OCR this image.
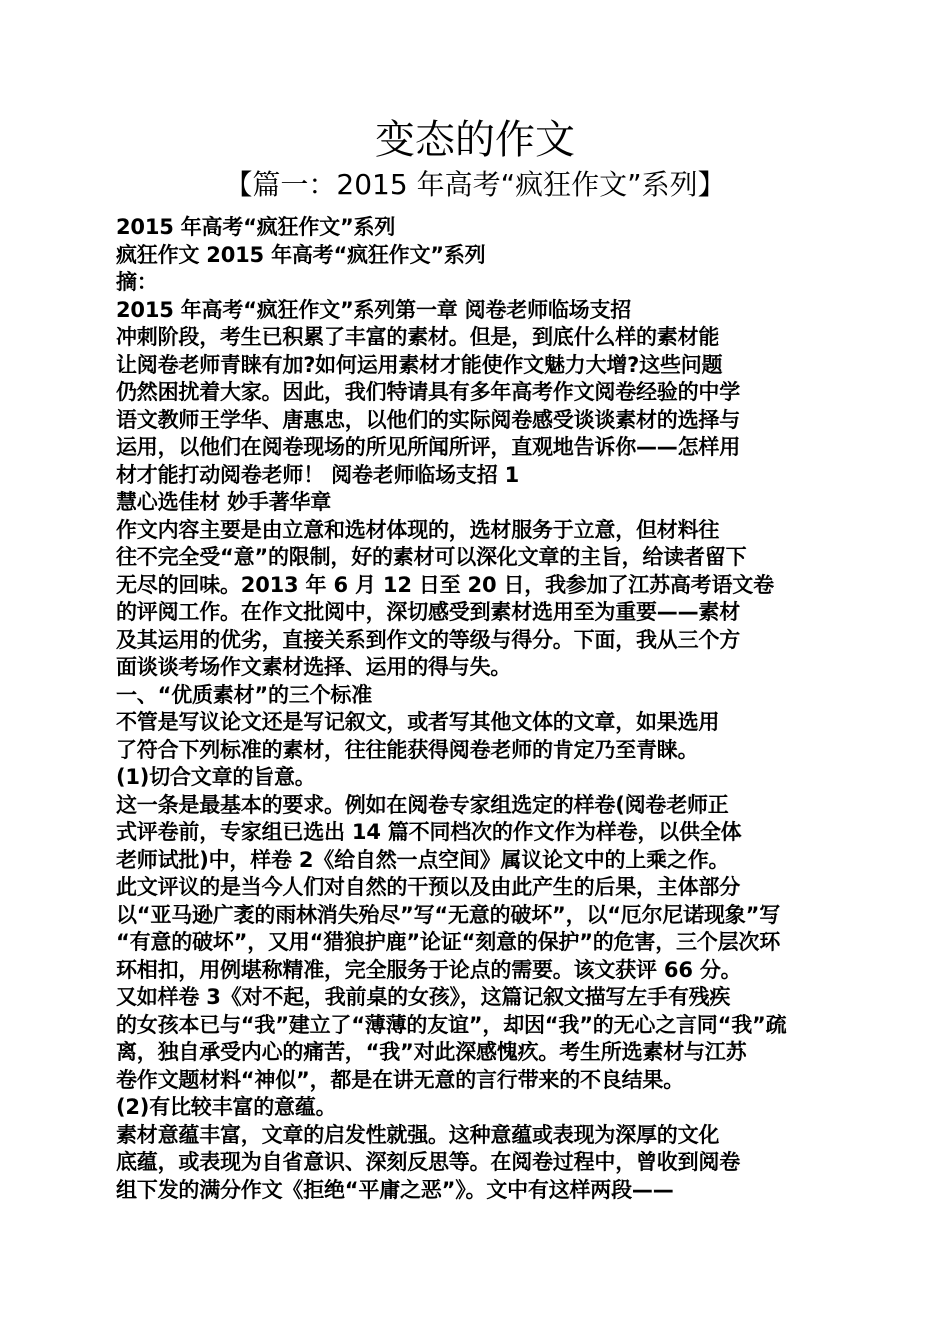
变态的作文
【篇一：2015 年高考“疯狂作文”系列】
2015 年高考“疯狂作文”系列
疯狂作文 2015 年高考“疯狂作文”系列
摘：
2015 年高考“疯狂作文”系列第一章 阅卷老师临场支招
冲刺阶段，考生已积累了丰富的素材。但是，到底什么样的素材能
让阅卷老师青睐有加?如何运用素材才能使作文魅力大增?这些问题
仍然困扰着大家。因此，我们特请具有多年高考作文阅卷经验的中学
语文教师王学华、唐惠忠，以他们的实际阅卷感受谈谈素材的选择与
运用，以他们在阅卷现场的所见所闻所评，直观地告诉你——怎样用
材才能打动阅卷老师！ 阅卷老师临场支招 1
慧心选佳材 妙手著华章
作文内容主要是由立意和选材体现的，选材服务于立意，但材料往
往不完全受“意”的限制，好的素材可以深化文章的主旨，给读者留下
无尽的回味。2013 年 6 月 12 日至 20 日，我参加了江苏高考语文卷
的评阅工作。在作文批阅中，深切感受到素材选用至为重要——素材
及其运用的优劣，直接关系到作文的等级与得分。下面，我从三个方
面谈谈考场作文素材选择、运用的得与失。
一、“优质素材”的三个标准
不管是写议论文还是写记叙文，或者写其他文体的文章，如果选用
了符合下列标准的素材，往往能获得阅卷老师的肯定乃至青睐。
(1)切合文章的旨意。
这一条是最基本的要求。例如在阅卷专家组选定的样卷(阅卷老师正
式评卷前，专家组已选出 14 篇不同档次的作文作为样卷，以供全体
老师试批)中，样卷 2《给自然一点空间》属议论文中的上乘之作。
此文评议的是当今人们对自然的干预以及由此产生的后果，主体部分
以“亚马逊广袤的雨林消失殆尽”写“无意的破坏”，以“厄尔尼诺现象”写
“有意的破坏”，又用“猎狼护鹿”论证“刻意的保护”的危害，三个层次环
环相扣，用例堪称精准，完全服务于论点的需要。该文获评 66 分。
又如样卷 3《对不起，我前桌的女孩》，这篇记叙文描写左手有残疾
的女孩本已与“我”建立了“薄薄的友谊”，却因“我”的无心之言同“我”疏
离，独自承受内心的痛苦，“我”对此深感愧疚。考生所选素材与江苏
卷作文题材料“神似”，都是在讲无意的言行带来的不良结果。
(2)有比较丰富的意蕴。
素材意蕴丰富，文章的启发性就强。这种意蕴或表现为深厚的文化
底蕴，或表现为自省意识、深刻反思等。在阅卷过程中，曾收到阅卷
组下发的满分作文《拒绝“平庸之恶”》。文中有这样两段——
